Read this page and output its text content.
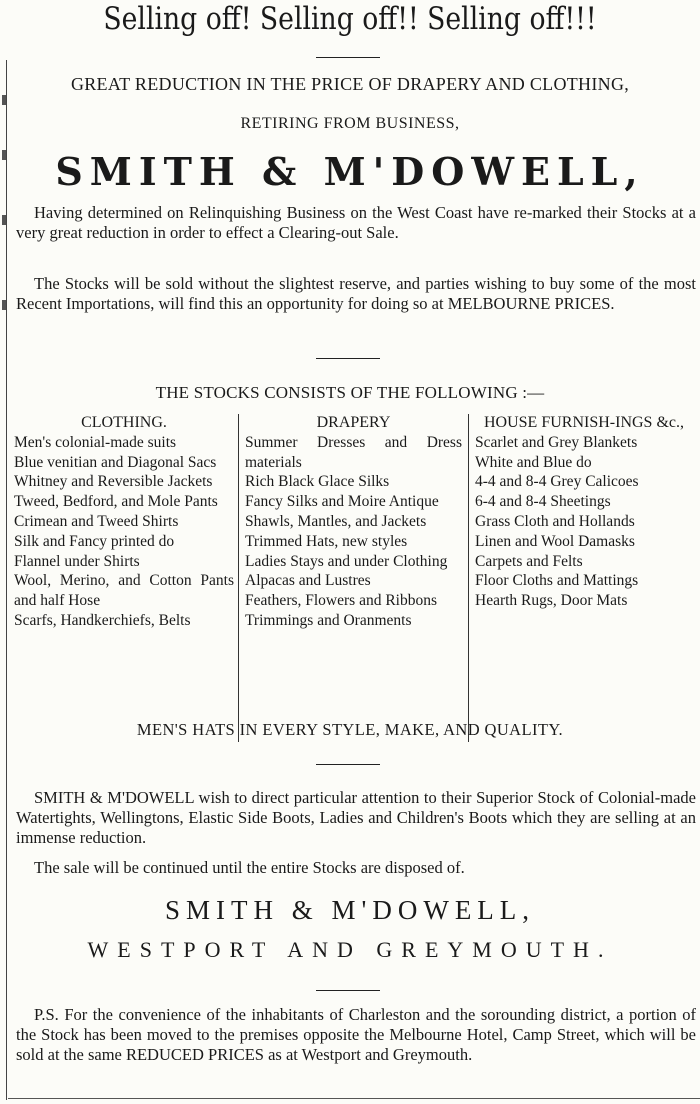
Selling off! Selling off!! Selling off!!!
GREAT REDUCTION IN THE PRICE OF DRAPERY AND CLOTHING,
RETIRING FROM BUSINESS,
SMITH & M'DOWELL,
Having determined on Relinquishing Business on the West Coast have re-marked their Stocks at a very great reduction in order to effect a Clearing-out Sale.
The Stocks will be sold without the slightest reserve, and parties wishing to buy some of the most Recent Importations, will find this an opportunity for doing so at MELBOURNE PRICES.
THE STOCKS CONSISTS OF THE FOLLOWING :—
CLOTHING.
Men's colonial-made suits
Blue venitian and Diagonal Sacs
Whitney and Reversible Jackets
Tweed, Bedford, and Mole Pants
Crimean and Tweed Shirts
Silk and Fancy printed do
Flannel under Shirts
Wool, Merino, and Cotton Pants and half Hose
Scarfs, Handkerchiefs, Belts
DRAPERY
Summer Dresses and Dress materials
Rich Black Glace Silks
Fancy Silks and Moire Antique
Shawls, Mantles, and Jackets
Trimmed Hats, new styles
Ladies Stays and under Clothing
Alpacas and Lustres
Feathers, Flowers and Ribbons
Trimmings and Oranments
HOUSE FURNISH-INGS &c.,
Scarlet and Grey Blankets
White and Blue do
4-4 and 8-4 Grey Calicoes
6-4 and 8-4 Sheetings
Grass Cloth and Hollands
Linen and Wool Damasks
Carpets and Felts
Floor Cloths and Mattings
Hearth Rugs, Door Mats
MEN'S HATS IN EVERY STYLE, MAKE, AND QUALITY.
SMITH & M'DOWELL wish to direct particular attention to their Superior Stock of Colonial-made Watertights, Wellingtons, Elastic Side Boots, Ladies and Children's Boots which they are selling at an immense reduction.
The sale will be continued until the entire Stocks are disposed of.
SMITH & M'DOWELL,
WESTPORT AND GREYMOUTH.
P.S. For the convenience of the inhabitants of Charleston and the sorounding district, a portion of the Stock has been moved to the premises opposite the Melbourne Hotel, Camp Street, which will be sold at the same REDUCED PRICES as at Westport and Greymouth.
